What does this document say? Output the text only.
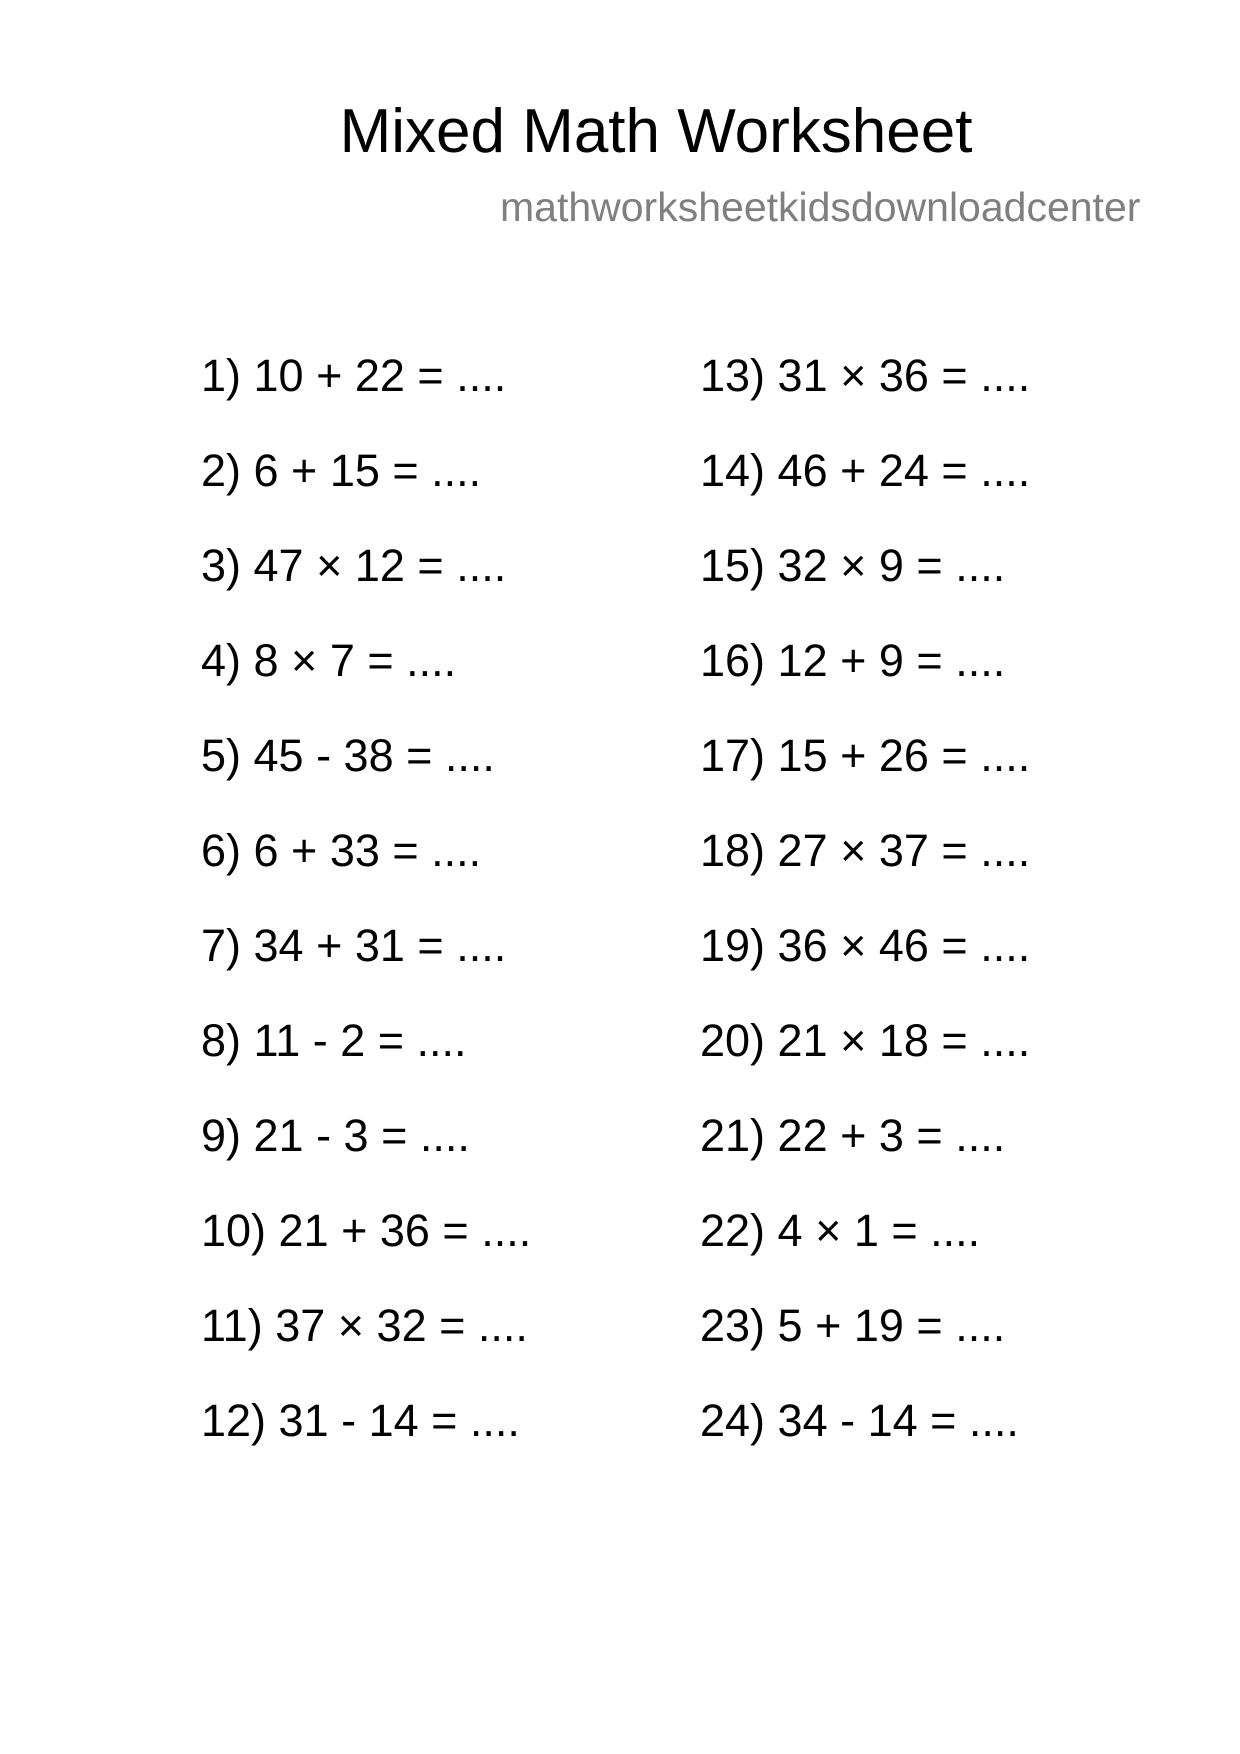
Mixed Math Worksheet
mathworksheetkidsdownloadcenter
1) 10 + 22 = ....
2) 6 + 15 = ....
3) 47 × 12 = ....
4) 8 × 7 = ....
5) 45 - 38 = ....
6) 6 + 33 = ....
7) 34 + 31 = ....
8) 11 - 2 = ....
9) 21 - 3 = ....
10) 21 + 36 = ....
11) 37 × 32 = ....
12) 31 - 14 = ....
13) 31 × 36 = ....
14) 46 + 24 = ....
15) 32 × 9 = ....
16) 12 + 9 = ....
17) 15 + 26 = ....
18) 27 × 37 = ....
19) 36 × 46 = ....
20) 21 × 18 = ....
21) 22 + 3 = ....
22) 4 × 1 = ....
23) 5 + 19 = ....
24) 34 - 14 = ....
